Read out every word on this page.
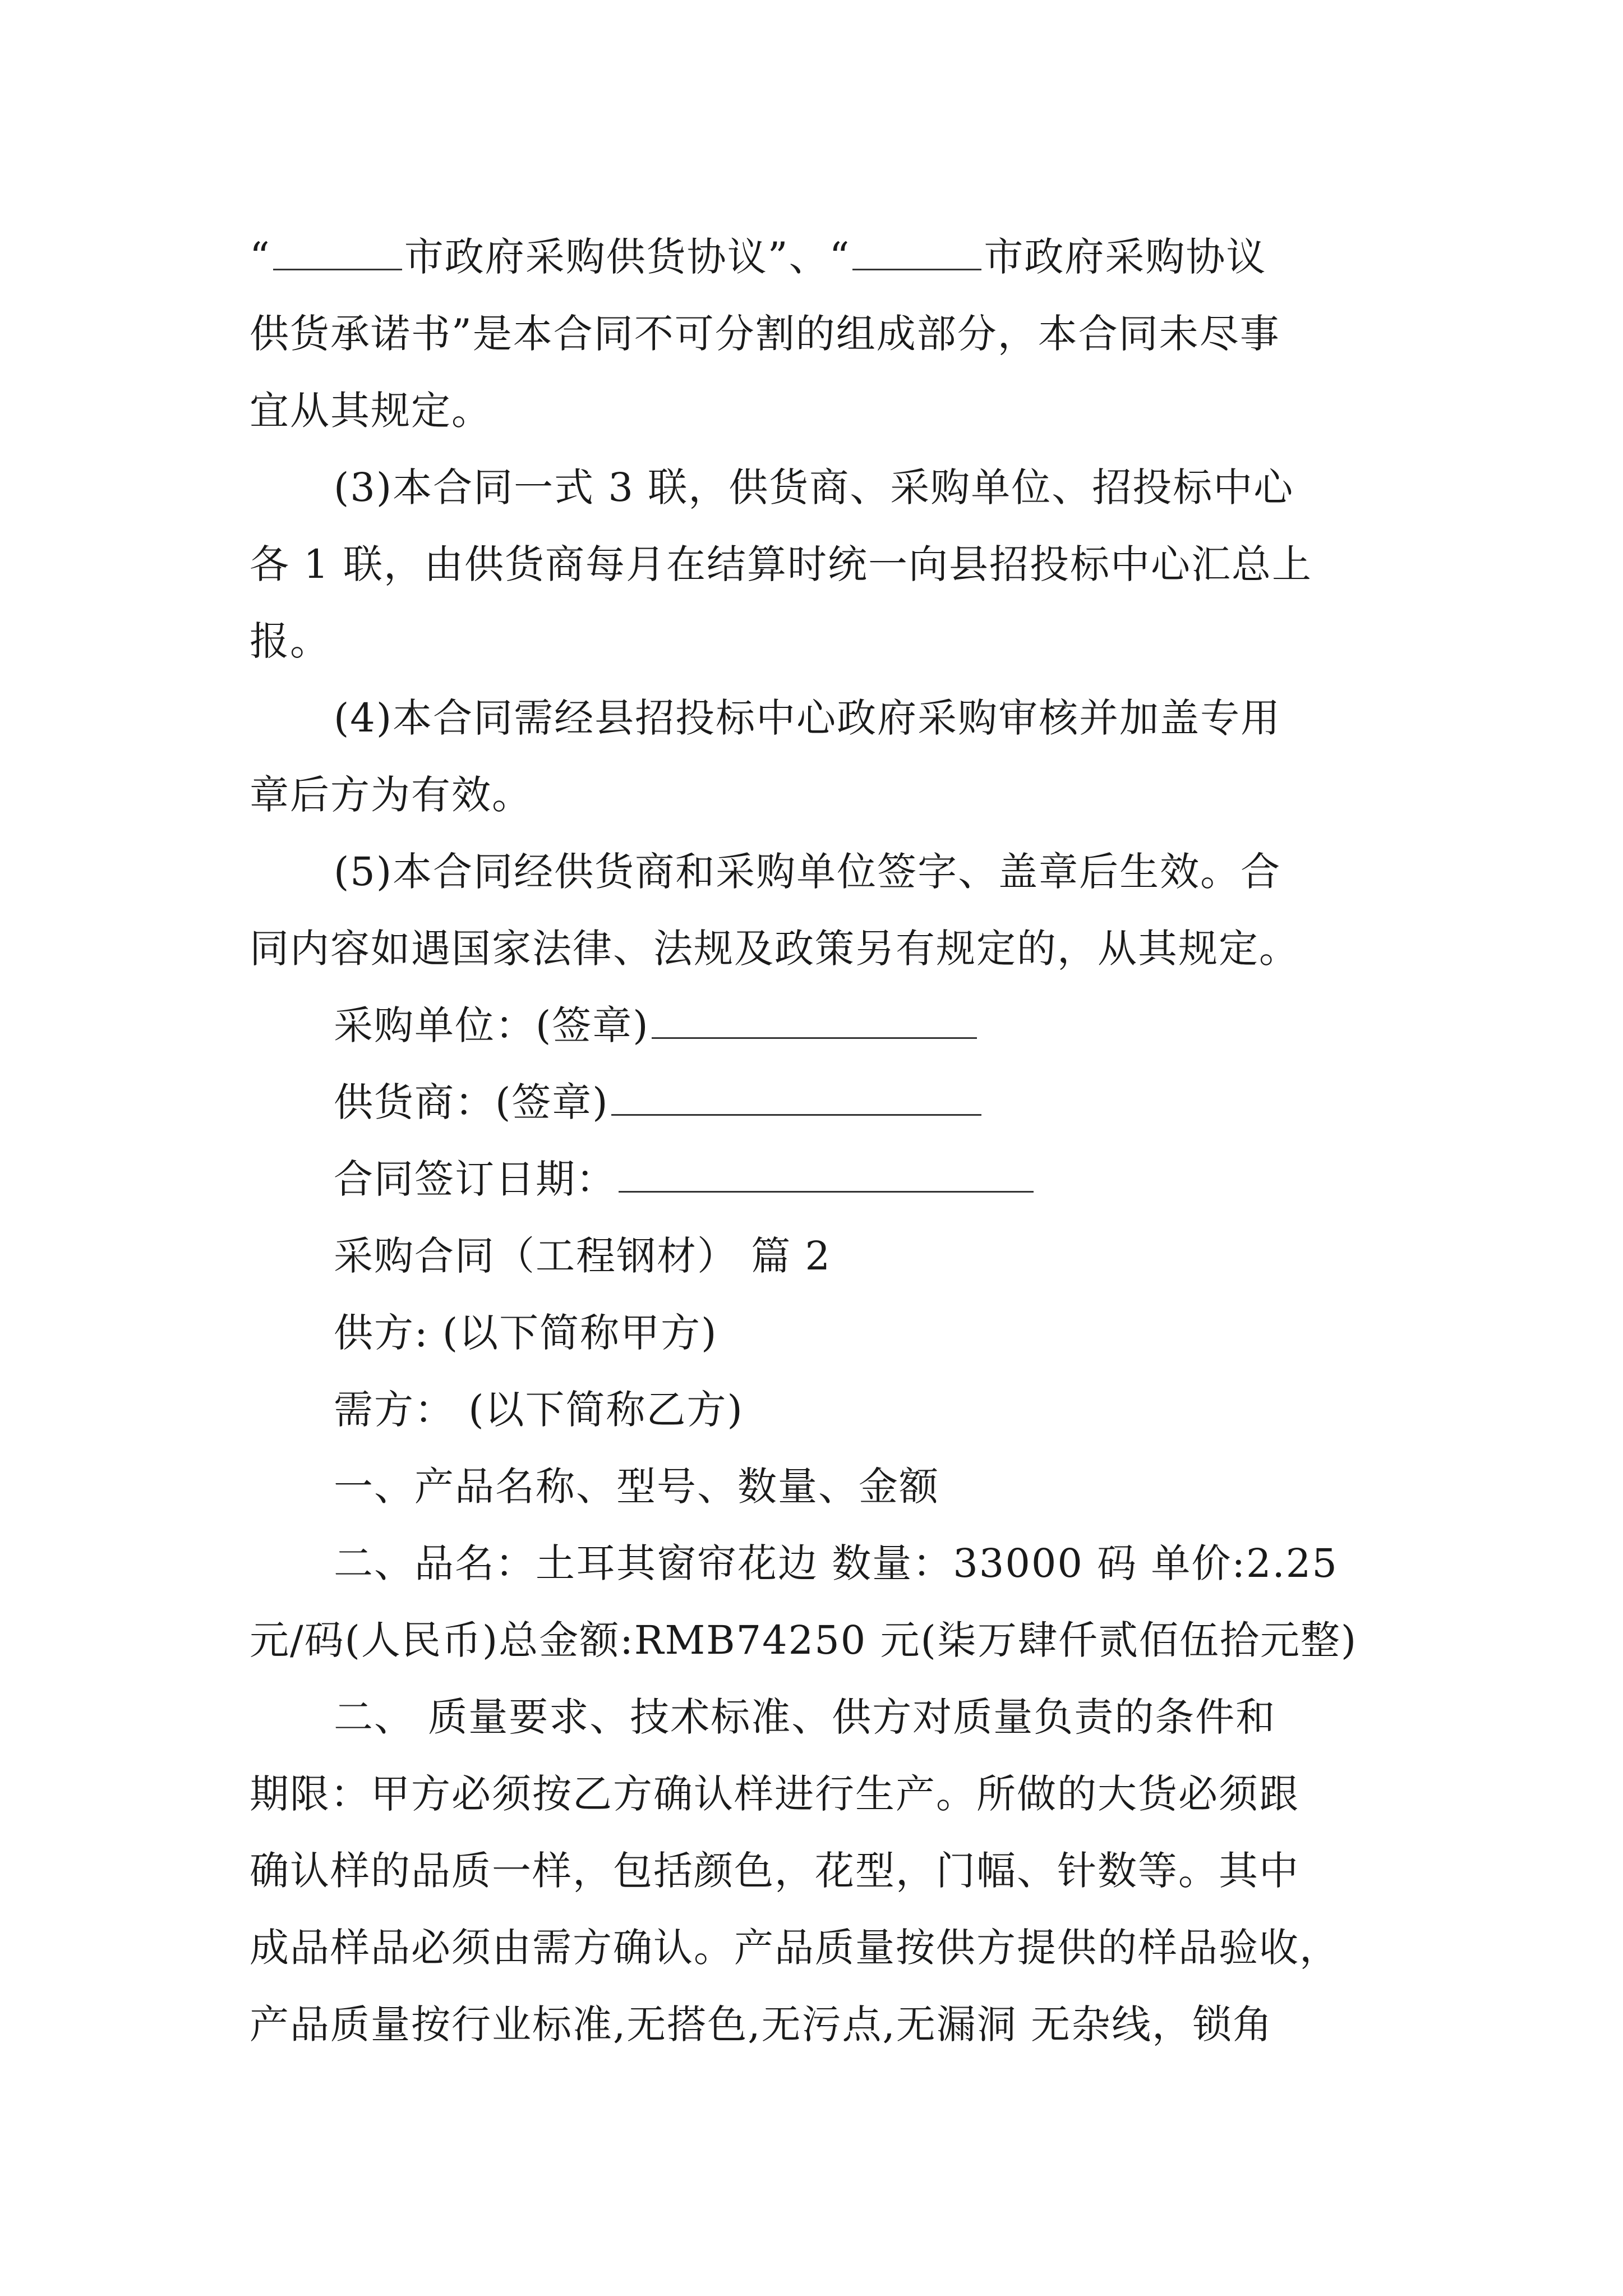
“	市政府采购供货协议”、“	市政府采购协议
供货承诺书”是本合同不可分割的组成部分，本合同未尽事
宜从其规定。
(3)本合同一式 3 联，供货商、采购单位、招投标中心
各 1 联，由供货商每月在结算时统一向县招投标中心汇总上
报。
(4)本合同需经县招投标中心政府采购审核并加盖专用
章后方为有效。
(5)本合同经供货商和采购单位签字、盖章后生效。合
同内容如遇国家法律、法规及政策另有规定的，从其规定。
采购单位：(签章)
供货商：(签章)
合同签订日期：
采购合同（工程钢材） 篇 2
供方: (以下简称甲方)
需方： (以下简称乙方)
一、产品名称、型号、数量、金额
二、品名：土耳其窗帘花边 数量：33000 码 单价:2.25
元/码(人民币)总金额:RMB74250 元(柒万肆仟贰佰伍拾元整)
二、 质量要求、技术标准、供方对质量负责的条件和
期限：甲方必须按乙方确认样进行生产。所做的大货必须跟
确认样的品质一样，包括颜色，花型，门幅、针数等。其中
成品样品必须由需方确认。产品质量按供方提供的样品验收，
产品质量按行业标准,无搭色,无污点,无漏洞 无杂线，锁角
